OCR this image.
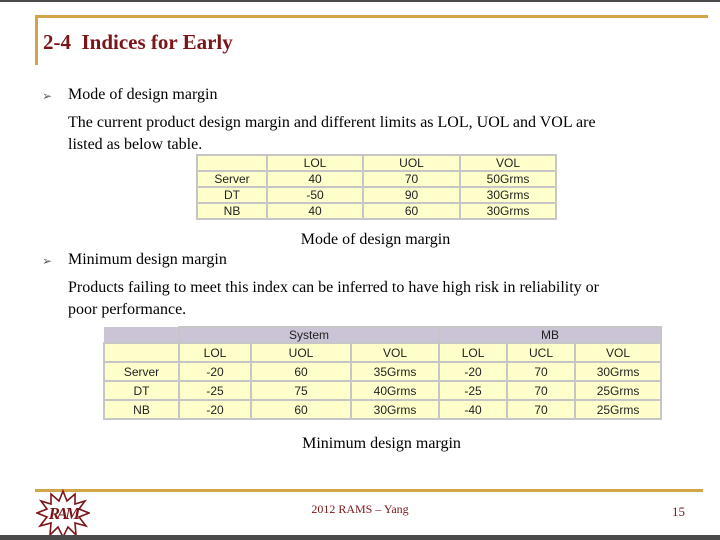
2-4  Indices for Early
➢ Mode of design margin
The current product design margin and different limits as LOL, UOL and VOL are
listed as below table.
	LOL	UOL	VOL
Server	40	70	50Grms
DT	-50	90	30Grms
NB	40	60	30Grms
Mode of design margin
➢ Minimum design margin
Products failing to meet this index can be inferred to have high risk in reliability or
poor performance.
	System			MB		
	LOL	UOL	VOL	LOL	UCL	VOL
Server	-20	60	35Grms	-20	70	30Grms
DT	-25	75	40Grms	-25	70	25Grms
NB	-20	60	30Grms	-40	70	25Grms
Minimum design margin
RAM	2012 RAMS – Yang	15
